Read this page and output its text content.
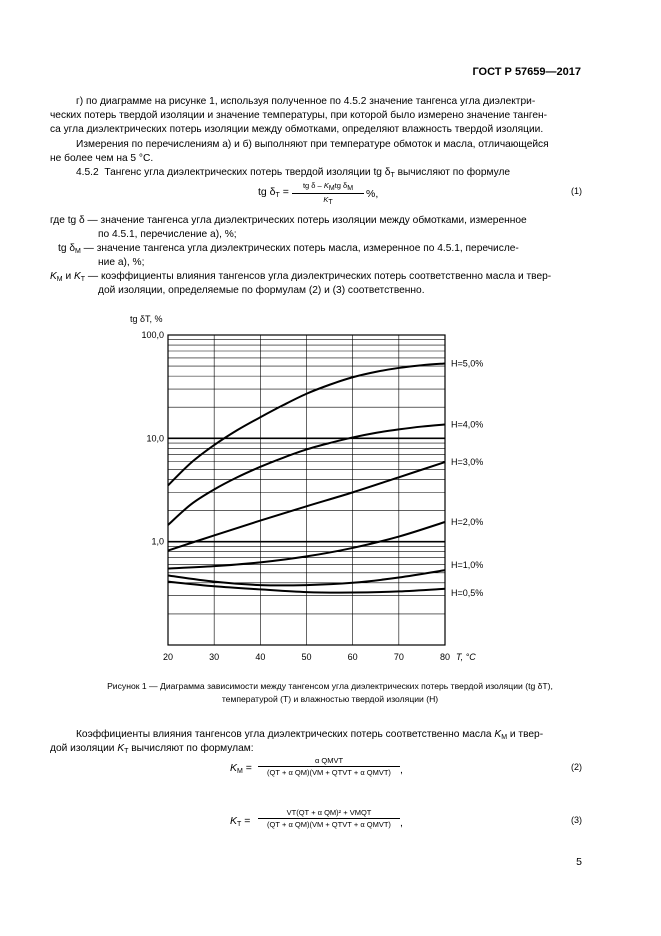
ГОСТ Р 57659—2017
г) по диаграмме на рисунке 1, используя полученное по 4.5.2 значение тангенса угла диэлектри-
ческих потерь твердой изоляции и значение температуры, при которой было измерено значение танген-
са угла диэлектрических потерь изоляции между обмотками, определяют влажность твердой изоляции.
Измерения по перечислениям а) и б) выполняют при температуре обмоток и масла, отличающейся
не более чем на 5 °С.
4.5.2 Тангенс угла диэлектрических потерь твердой изоляции tg $\delta_Т$ вычисляют по формуле
tg $\delta_Т$ =
tg δ – KМtg δМ
KТ
%,	(1)
где tg δ — значение тангенса угла диэлектрических потерь изоляции между обмотками, измеренное
по 4.5.1, перечисление а), %;
tg $\delta_М$ — значение тангенса угла диэлектрических потерь масла, измеренное по 4.5.1, перечисле-
ние а), %;
$K_М$ и $K_Т$ — коэффициенты влияния тангенсов угла диэлектрических потерь соответственно масла и твер-
дой изоляции, определяемые по формулам (2) и (3) соответственно.
20	30	40	50	60	70	80
100,0
10,0
1,0
tg δТ, %
T, °C
H=5,0%
H=4,0%
H=3,0%
H=2,0%
H=1,0%
H=0,5%
Рисунок 1 — Диаграмма зависимости между тангенсом угла диэлектрических потерь твердой изоляции (tg δТ),
температурой (T) и влажностью твердой изоляции (H)
Коэффициенты влияния тангенсов угла диэлектрических потерь соответственно масла $K_М$ и твер-
дой изоляции $K_Т$ вычисляют по формулам:
$K_М$ =
α QМVТ
(QТ + α QМ)(VМ + QТVТ + α QМVТ) ,	(2)
$K_Т$ =
VТ(QТ + α QМ)² + VМQТ
(QТ + α QМ)(VМ + QТVТ + α QМVТ) ,	(3)
5
